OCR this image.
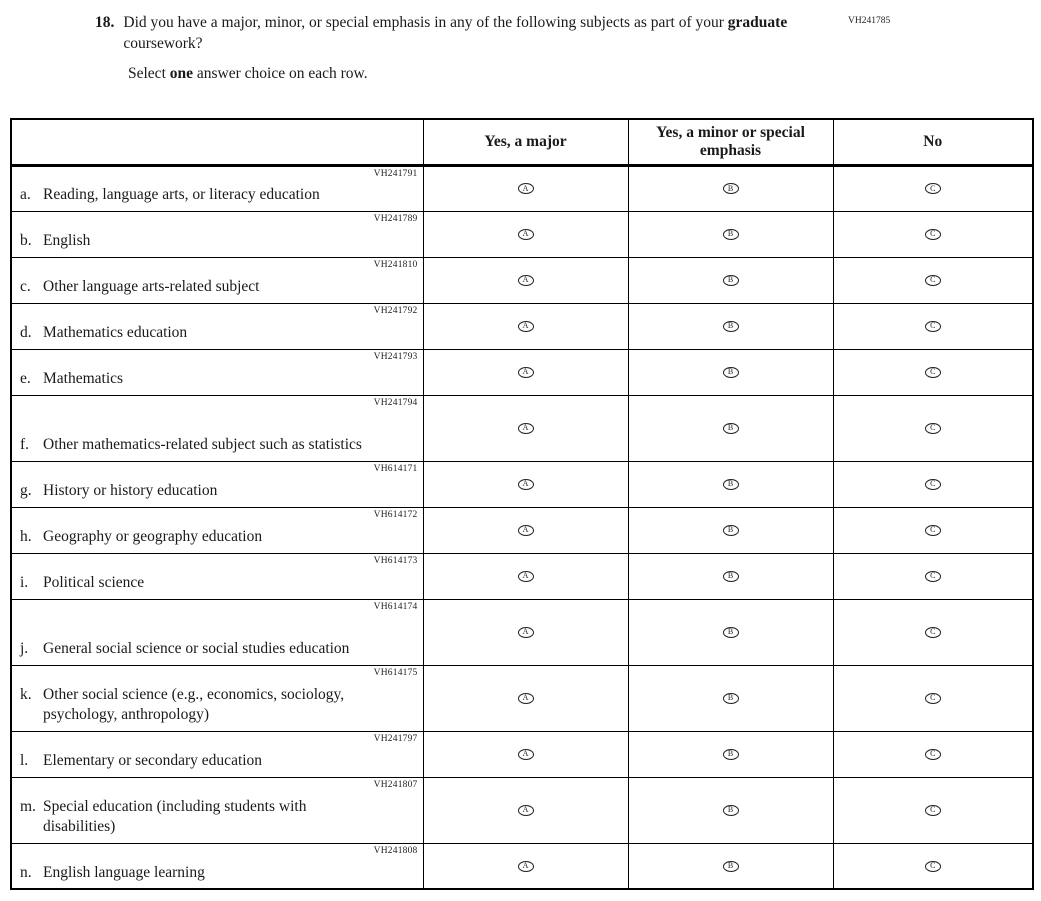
VH241785
18. Did you have a major, minor, or special emphasis in any of the following subjects as part of your graduate coursework?
Select one answer choice on each row.
	Yes, a major	Yes, a minor or special emphasis	No

VH241791
a. Reading, language arts, or literacy education	A	B	C

VH241789
b. English	A	B	C

VH241810
c. Other language arts-related subject	A	B	C

VH241792
d. Mathematics education	A	B	C

VH241793
e. Mathematics	A	B	C

VH241794
f. Other mathematics-related subject such as statistics	A	B	C

VH614171
g. History or history education	A	B	C

VH614172
h. Geography or geography education	A	B	C

VH614173
i. Political science	A	B	C

VH614174
j. General social science or social studies education	A	B	C

VH614175
k. Other social science (e.g., economics, sociology, psychology, anthropology)	A	B	C

VH241797
l. Elementary or secondary education	A	B	C

VH241807
m. Special education (including students with disabilities)	A	B	C

VH241808
n. English language learning	A	B	C
